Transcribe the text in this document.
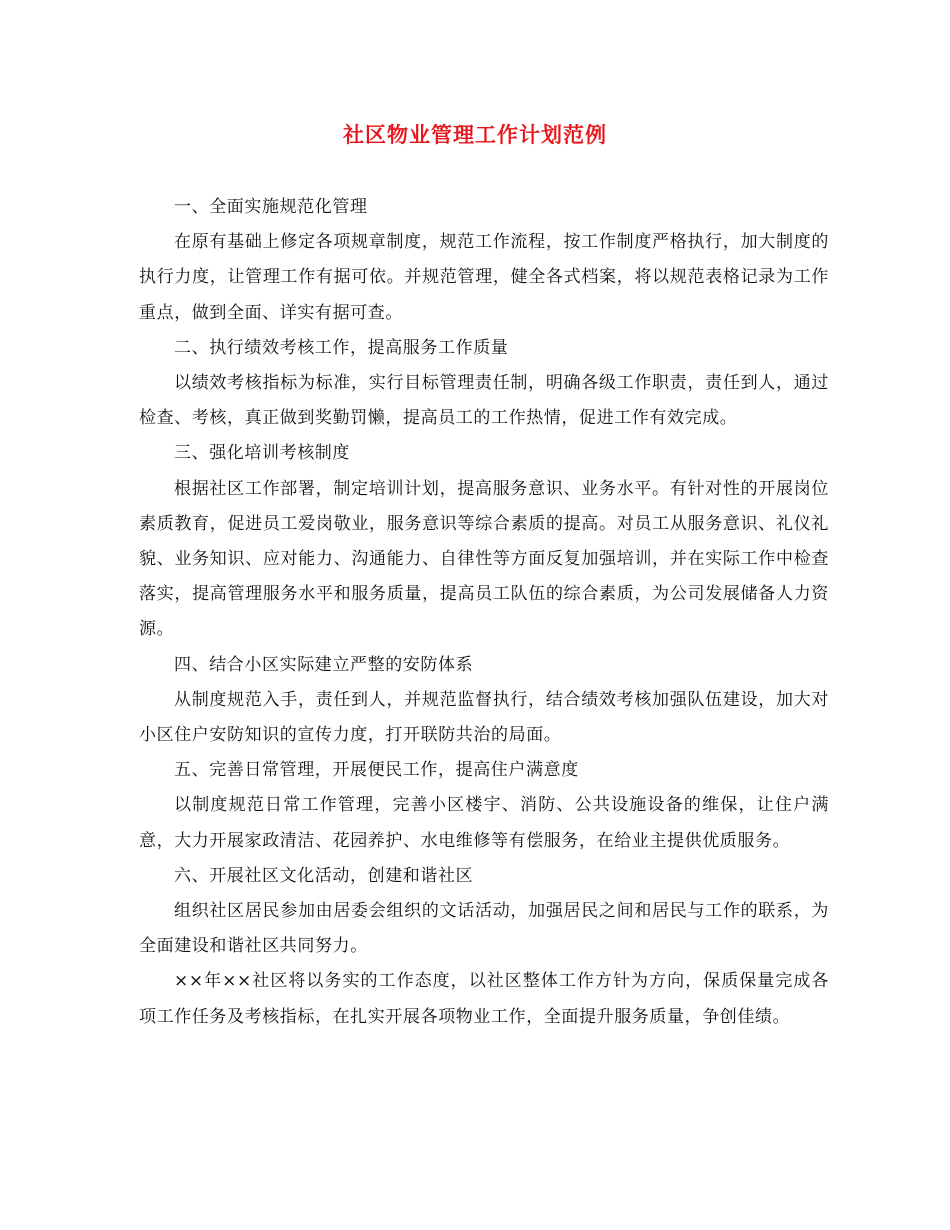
社区物业管理工作计划范例

一、全面实施规范化管理

在原有基础上修定各项规章制度，规范工作流程，按工作制度严格执行，加大制度的执行力度，让管理工作有据可依。并规范管理，健全各式档案，将以规范表格记录为工作重点，做到全面、详实有据可查。

二、执行绩效考核工作，提高服务工作质量

以绩效考核指标为标准，实行目标管理责任制，明确各级工作职责，责任到人，通过检查、考核，真正做到奖勤罚懒，提高员工的工作热情，促进工作有效完成。

三、强化培训考核制度

根据社区工作部署，制定培训计划，提高服务意识、业务水平。有针对性的开展岗位素质教育，促进员工爱岗敬业，服务意识等综合素质的提高。对员工从服务意识、礼仪礼貌、业务知识、应对能力、沟通能力、自律性等方面反复加强培训，并在实际工作中检查落实，提高管理服务水平和服务质量，提高员工队伍的综合素质，为公司发展储备人力资源。

四、结合小区实际建立严整的安防体系

从制度规范入手，责任到人，并规范监督执行，结合绩效考核加强队伍建设，加大对小区住户安防知识的宣传力度，打开联防共治的局面。

五、完善日常管理，开展便民工作，提高住户满意度

以制度规范日常工作管理，完善小区楼宇、消防、公共设施设备的维保，让住户满意，大力开展家政清洁、花园养护、水电维修等有偿服务，在给业主提供优质服务。

六、开展社区文化活动，创建和谐社区

组织社区居民参加由居委会组织的文话活动，加强居民之间和居民与工作的联系，为全面建设和谐社区共同努力。

××年××社区将以务实的工作态度，以社区整体工作方针为方向，保质保量完成各项工作任务及考核指标，在扎实开展各项物业工作，全面提升服务质量，争创佳绩。
